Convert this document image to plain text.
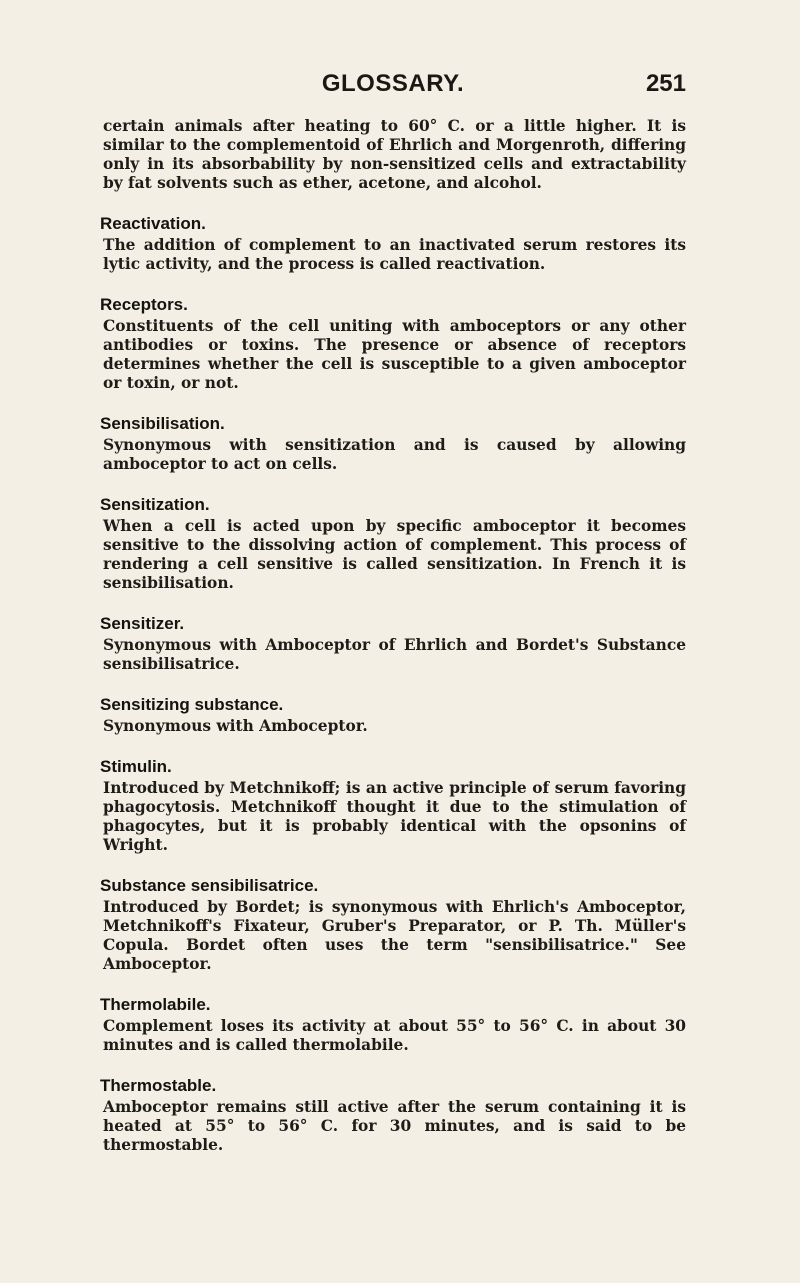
GLOSSARY.	251

certain animals after heating to 60° C. or a little higher. It is similar to the complementoid of Ehrlich and Morgenroth, differing only in its absorbability by non-sensitized cells and extractability by fat solvents such as ether, acetone, and alcohol.

Reactivation.
The addition of complement to an inactivated serum restores its lytic activity, and the process is called reactivation.
Receptors.
Constituents of the cell uniting with amboceptors or any other antibodies or toxins. The presence or absence of receptors determines whether the cell is susceptible to a given amboceptor or toxin, or not.
Sensibilisation.
Synonymous with sensitization and is caused by allowing amboceptor to act on cells.
Sensitization.
When a cell is acted upon by specific amboceptor it becomes sensitive to the dissolving action of complement. This process of rendering a cell sensitive is called sensitization. In French it is sensibilisation.
Sensitizer.
Synonymous with Amboceptor of Ehrlich and Bordet's Substance sensibilisatrice.
Sensitizing substance.
Synonymous with Amboceptor.
Stimulin.
Introduced by Metchnikoff; is an active principle of serum favoring phagocytosis. Metchnikoff thought it due to the stimulation of phagocytes, but it is probably identical with the opsonins of Wright.
Substance sensibilisatrice.
Introduced by Bordet; is synonymous with Ehrlich's Amboceptor, Metchnikoff's Fixateur, Gruber's Preparator, or P. Th. Müller's Copula. Bordet often uses the term "sensibilisatrice." See Amboceptor.
Thermolabile.
Complement loses its activity at about 55° to 56° C. in about 30 minutes and is called thermolabile.
Thermostable.
Amboceptor remains still active after the serum containing it is heated at 55° to 56° C. for 30 minutes, and is said to be thermostable.
